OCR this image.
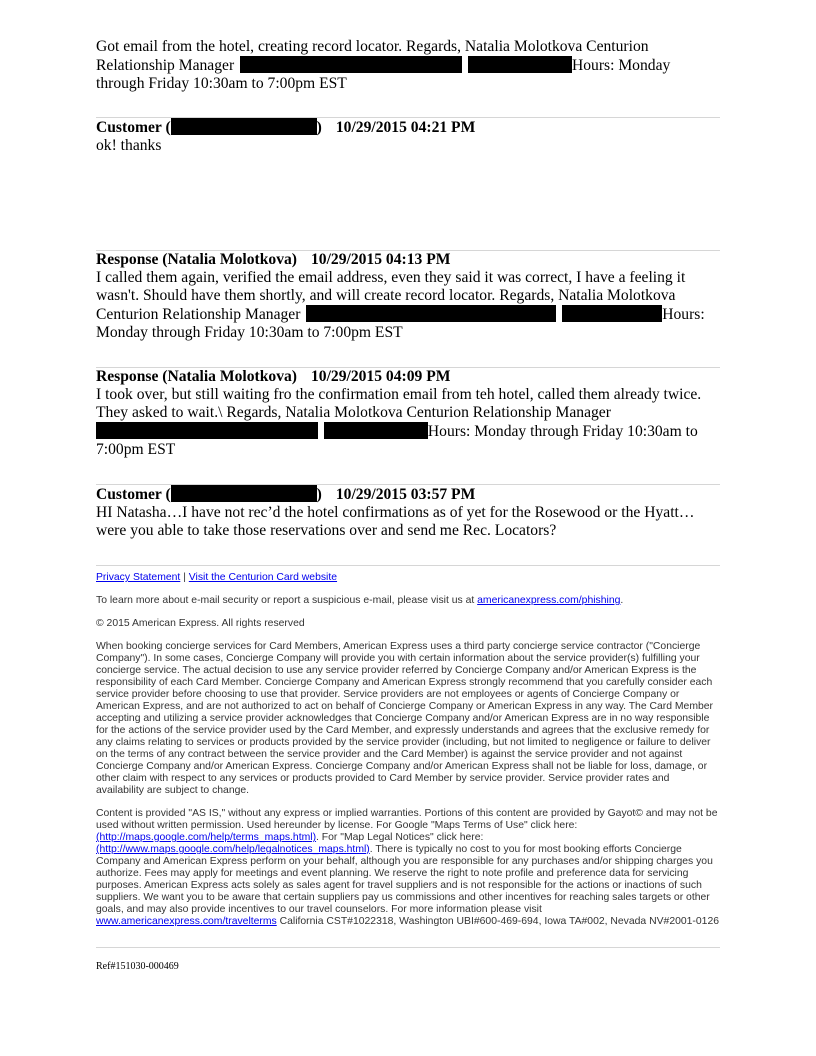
Got email from the hotel, creating record locator. Regards, Natalia Molotkova Centurion
Relationship Manager	Hours: Monday
through Friday 10:30am to 7:00pm EST
Customer (	) 10/29/2015 04:21 PM
ok! thanks
Response (Natalia Molotkova) 10/29/2015 04:13 PM
I called them again, verified the email address, even they said it was correct, I have a feeling it
wasn't. Should have them shortly, and will create record locator. Regards, Natalia Molotkova
Centurion Relationship Manager	Hours:
Monday through Friday 10:30am to 7:00pm EST
Response (Natalia Molotkova) 10/29/2015 04:09 PM
I took over, but still waiting fro the confirmation email from teh hotel, called them already twice.
They asked to wait.\ Regards, Natalia Molotkova Centurion Relationship Manager
Hours: Monday through Friday 10:30am to
7:00pm EST
Customer (	) 10/29/2015 03:57 PM
HI Natasha…I have not rec’d the hotel confirmations as of yet for the Rosewood or the Hyatt…
were you able to take those reservations over and send me Rec. Locators?

Privacy Statement | Visit the Centurion Card website

To learn more about e-mail security or report a suspicious e-mail, please visit us at americanexpress.com/phishing.

© 2015 American Express. All rights reserved

When booking concierge services for Card Members, American Express uses a third party concierge service contractor ("Concierge Company"). In some cases, Concierge Company will provide you with certain information about the service provider(s) fulfilling your concierge service. The actual decision to use any service provider referred by Concierge Company and/or American Express is the responsibility of each Card Member. Concierge Company and American Express strongly recommend that you carefully consider each service provider before choosing to use that provider. Service providers are not employees or agents of Concierge Company or American Express, and are not authorized to act on behalf of Concierge Company or American Express in any way. The Card Member accepting and utilizing a service provider acknowledges that Concierge Company and/or American Express are in no way responsible for the actions of the service provider used by the Card Member, and expressly understands and agrees that the exclusive remedy for any claims relating to services or products provided by the service provider (including, but not limited to negligence or failure to deliver on the terms of any contract between the service provider and the Card Member) is against the service provider and not against Concierge Company and/or American Express. Concierge Company and/or American Express shall not be liable for loss, damage, or other claim with respect to any services or products provided to Card Member by service provider. Service provider rates and availability are subject to change.

Content is provided "AS IS," without any express or implied warranties. Portions of this content are provided by Gayot© and may not be used without written permission. Used hereunder by license. For Google "Maps Terms of Use" click here: (http://maps.google.com/help/terms_maps.html). For "Map Legal Notices" click here: (http://www.maps.google.com/help/legalnotices_maps.html). There is typically no cost to you for most booking efforts Concierge Company and American Express perform on your behalf, although you are responsible for any purchases and/or shipping charges you authorize. Fees may apply for meetings and event planning. We reserve the right to note profile and preference data for servicing purposes. American Express acts solely as sales agent for travel suppliers and is not responsible for the actions or inactions of such suppliers. We want you to be aware that certain suppliers pay us commissions and other incentives for reaching sales targets or other goals, and may also provide incentives to our travel counselors. For more information please visit www.americanexpress.com/travelterms California CST#1022318, Washington UBI#600-469-694, Iowa TA#002, Nevada NV#2001-0126

Ref#151030-000469
